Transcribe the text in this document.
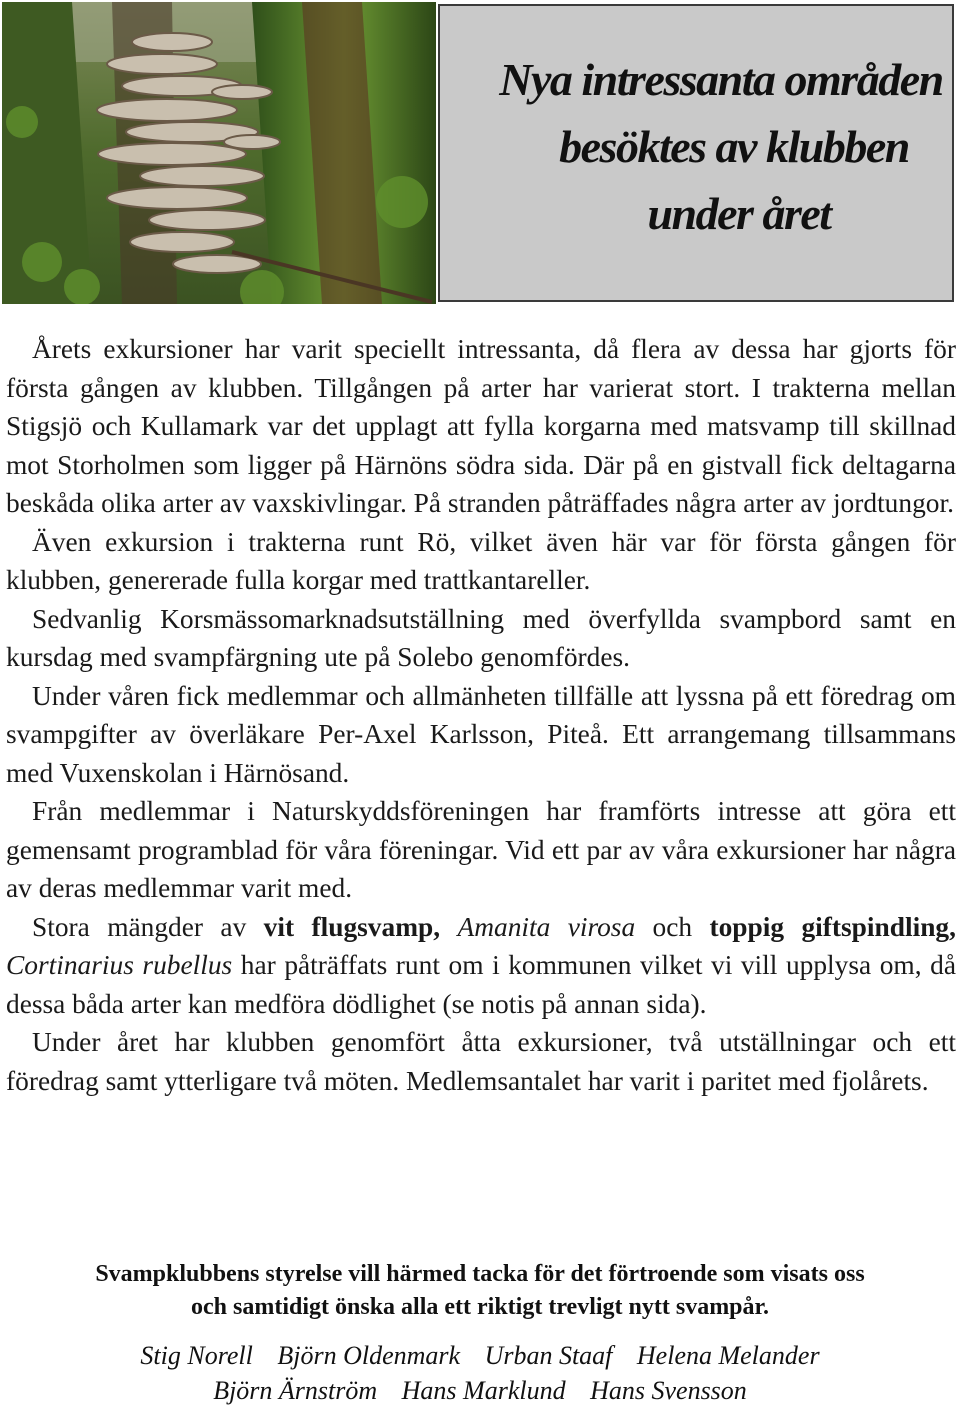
Nya intressanta områden
besöktes av klubben
under året

Årets exkursioner har varit speciellt intressanta, då flera av dessa har gjorts för första gången av klubben. Tillgången på arter har varierat stort. I trakterna mellan Stigsjö och Kullamark var det upplagt att fylla korgarna med matsvamp till skillnad mot Storholmen som ligger på Härnöns södra sida. Där på en gistvall fick deltagarna beskåda olika arter av vaxskivlingar. På stranden påträffades några arter av jordtungor.

Även exkursion i trakterna runt Rö, vilket även här var för första gången för klubben, genererade fulla korgar med trattkantareller.

Sedvanlig Korsmässomarknadsutställning med överfyllda svampbord samt en kursdag med svampfärgning ute på Solebo genomfördes.

Under våren fick medlemmar och allmänheten tillfälle att lyssna på ett föredrag om svampgifter av överläkare Per-Axel Karlsson, Piteå. Ett arrangemang tillsammans med Vuxenskolan i Härnösand.

Från medlemmar i Naturskyddsföreningen har framförts intresse att göra ett gemensamt programblad för våra föreningar. Vid ett par av våra exkursioner har några av deras medlemmar varit med.

Stora mängder av vit flugsvamp, Amanita virosa och toppig giftspindling, Cortinarius rubellus har påträffats runt om i kommunen vilket vi vill upplysa om, då dessa båda arter kan medföra dödlighet (se notis på annan sida).

Under året har klubben genomfört åtta exkursioner, två utställningar och ett föredrag samt ytterligare två möten. Medlemsantalet har varit i paritet med fjolårets.

Svampklubbens styrelse vill härmed tacka för det förtroende som visats oss
och samtidigt önska alla ett riktigt trevligt nytt svampår.
Stig Norell Björn Oldenmark Urban Staaf Helena Melander
Björn Ärnström Hans Marklund Hans Svensson
